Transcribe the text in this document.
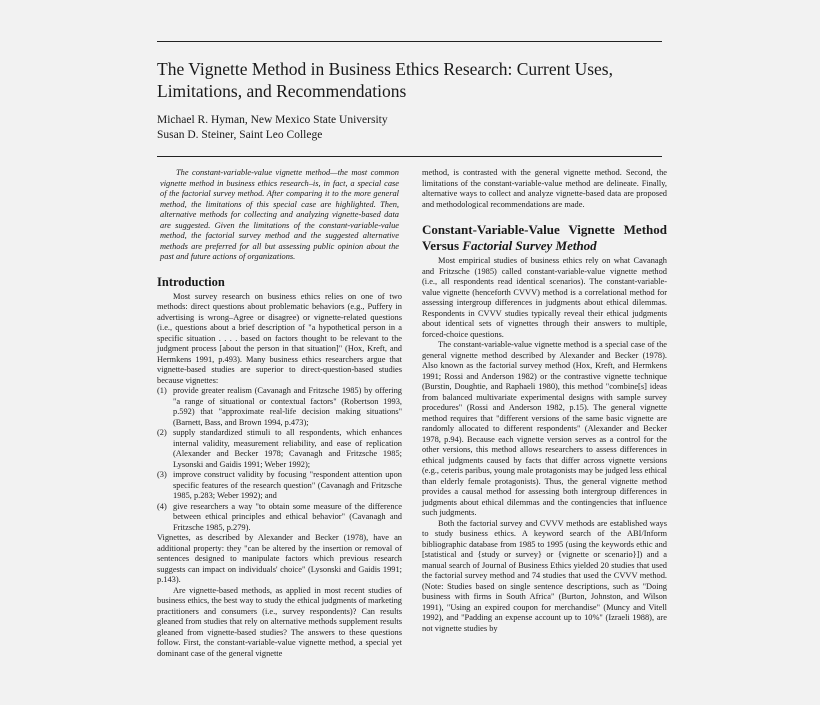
The Vignette Method in Business Ethics Research: Current Uses, Limitations, and Recommendations
Michael R. Hyman, New Mexico State University
Susan D. Steiner, Saint Leo College

The constant-variable-value vignette method—the most common vignette method in business ethics research–is, in fact, a special case of the factorial survey method. After comparing it to the more general method, the limitations of this special case are highlighted. Then, alternative methods for collecting and analyzing vignette-based data are suggested. Given the limitations of the constant-variable-value method, the factorial survey method and the suggested alternative methods are preferred for all but assessing public opinion about the past and future actions of organizations.

Introduction

Most survey research on business ethics relies on one of two methods: direct questions about problematic behaviors (e.g., Puffery in advertising is wrong–Agree or disagree) or vignette-related questions (i.e., questions about a brief description of "a hypothetical person in a specific situation . . . . based on factors thought to be relevant to the judgment process [about the person in that situation]" (Hox, Kreft, and Hermkens 1991, p.493). Many business ethics researchers argue that vignette-based studies are superior to direct-question-based studies because vignettes:

(1) provide greater realism (Cavanagh and Fritzsche 1985) by offering "a range of situational or contextual factors" (Robertson 1993, p.592) that "approximate real-life decision making situations" (Barnett, Bass, and Brown 1994, p.473);
(2) supply standardized stimuli to all respondents, which enhances internal validity, measurement reliability, and ease of replication (Alexander and Becker 1978; Cavanagh and Fritzsche 1985; Lysonski and Gaidis 1991; Weber 1992);
(3) improve construct validity by focusing "respondent attention upon specific features of the research question" (Cavanagh and Fritzsche 1985, p.283; Weber 1992); and
(4) give researchers a way "to obtain some measure of the difference between ethical principles and ethical behavior" (Cavanagh and Fritzsche 1985, p.279).

Vignettes, as described by Alexander and Becker (1978), have an additional property: they "can be altered by the insertion or removal of sentences designed to manipulate factors which previous research suggests can impact on individuals' choice" (Lysonski and Gaidis 1991; p.143).

Are vignette-based methods, as applied in most recent studies of business ethics, the best way to study the ethical judgments of marketing practitioners and consumers (i.e., survey respondents)? Can results gleaned from studies that rely on alternative methods supplement results gleaned from vignette-based studies? The answers to these questions follow. First, the constant-variable-value vignette method, a special yet dominant case of the general vignette

method, is contrasted with the general vignette method. Second, the limitations of the constant-variable-value method are delineate. Finally, alternative ways to collect and analyze vignette-based data are proposed and methodological recommendations are made.

Constant-Variable-Value Vignette Method Versus Factorial Survey Method

Most empirical studies of business ethics rely on what Cavanagh and Fritzsche (1985) called constant-variable-value vignette method (i.e., all respondents read identical scenarios). The constant-variable-value vignette (henceforth CVVV) method is a correlational method for assessing intergroup differences in judgments about ethical dilemmas. Respondents in CVVV studies typically reveal their ethical judgments about identical sets of vignettes through their answers to multiple, forced-choice questions.

The constant-variable-value vignette method is a special case of the general vignette method described by Alexander and Becker (1978). Also known as the factorial survey method (Hox, Kreft, and Hermkens 1991; Rossi and Anderson 1982) or the contrastive vignette technique (Burstin, Doughtie, and Raphaeli 1980), this method "combine[s] ideas from balanced multivariate experimental designs with sample survey procedures" (Rossi and Anderson 1982, p.15). The general vignette method requires that "different versions of the same basic vignette are randomly allocated to different respondents" (Alexander and Becker 1978, p.94). Because each vignette version serves as a control for the other versions, this method allows researchers to assess differences in ethical judgments caused by facts that differ across vignette versions (e.g., ceteris paribus, young male protagonists may be judged less ethical than elderly female protagonists). Thus, the general vignette method provides a causal method for assessing both intergroup differences in judgments about ethical dilemmas and the contingencies that influence such judgments.

Both the factorial survey and CVVV methods are established ways to study business ethics. A keyword search of the ABI/Inform bibliographic database from 1985 to 1995 (using the keywords ethic and [statistical and {study or survey} or {vignette or scenario}]) and a manual search of Journal of Business Ethics yielded 20 studies that used the factorial survey method and 74 studies that used the CVVV method. (Note: Studies based on single sentence descriptions, such as "Doing business with firms in South Africa" (Burton, Johnston, and Wilson 1991), "Using an expired coupon for merchandise" (Muncy and Vitell 1992), and "Padding an expense account up to 10%" (Izraeli 1988), are not vignette studies by
